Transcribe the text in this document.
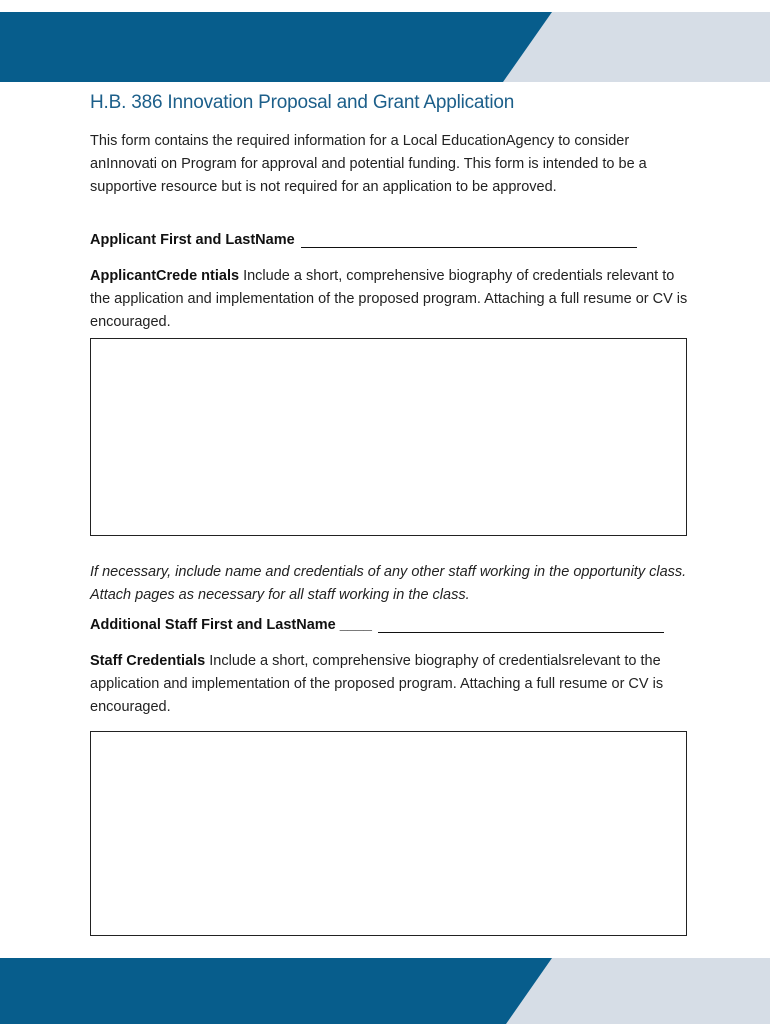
H.B. 386 Innovation Proposal and Grant Application

This form contains the required information for a Local EducationAgency to consider anInnovati on Program for approval and potential funding. This form is intended to be a supportive resource but is not required for an application to be approved.

Applicant First and LastName

ApplicantCrede ntials Include a short, comprehensive biography of credentials relevant to the application and implementation of the proposed program. Attaching a full resume or CV is encouraged.

If necessary, include name and credentials of any other staff working in the opportunity class. Attach pages as necessary for all staff working in the class.

Additional Staff First and LastName ____

Staff Credentials Include a short, comprehensive biography of credentialsrelevant to the application and implementation of the proposed program. Attaching a full resume or CV is encouraged.
